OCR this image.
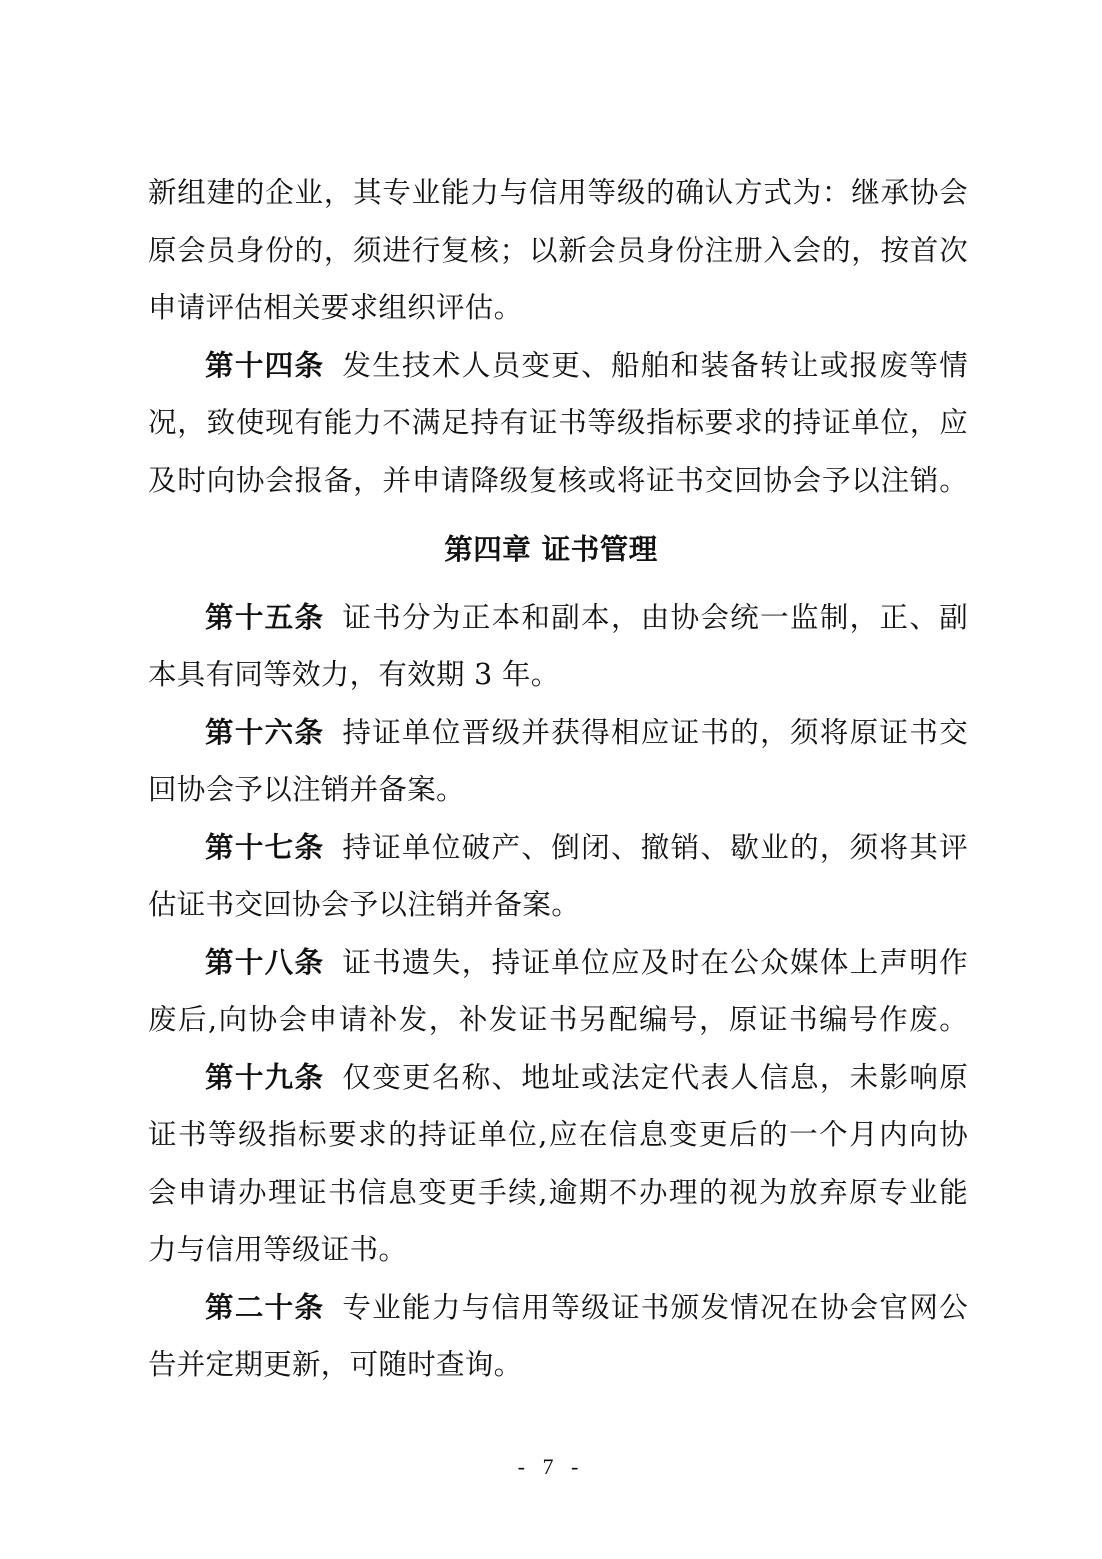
新组建的企业，其专业能力与信用等级的确认方式为：继承协会
原会员身份的，须进行复核；以新会员身份注册入会的，按首次
申请评估相关要求组织评估。
第十四条 发生技术人员变更、船舶和装备转让或报废等情
况，致使现有能力不满足持有证书等级指标要求的持证单位，应
及时向协会报备，并申请降级复核或将证书交回协会予以注销。
第四章 证书管理
第十五条 证书分为正本和副本，由协会统一监制，正、副
本具有同等效力，有效期 3 年。
第十六条 持证单位晋级并获得相应证书的，须将原证书交
回协会予以注销并备案。
第十七条 持证单位破产、倒闭、撤销、歇业的，须将其评
估证书交回协会予以注销并备案。
第十八条 证书遗失，持证单位应及时在公众媒体上声明作
废后,向协会申请补发，补发证书另配编号，原证书编号作废。
第十九条 仅变更名称、地址或法定代表人信息，未影响原
证书等级指标要求的持证单位,应在信息变更后的一个月内向协
会申请办理证书信息变更手续,逾期不办理的视为放弃原专业能
力与信用等级证书。
第二十条 专业能力与信用等级证书颁发情况在协会官网公
告并定期更新，可随时查询。
- 7 -
